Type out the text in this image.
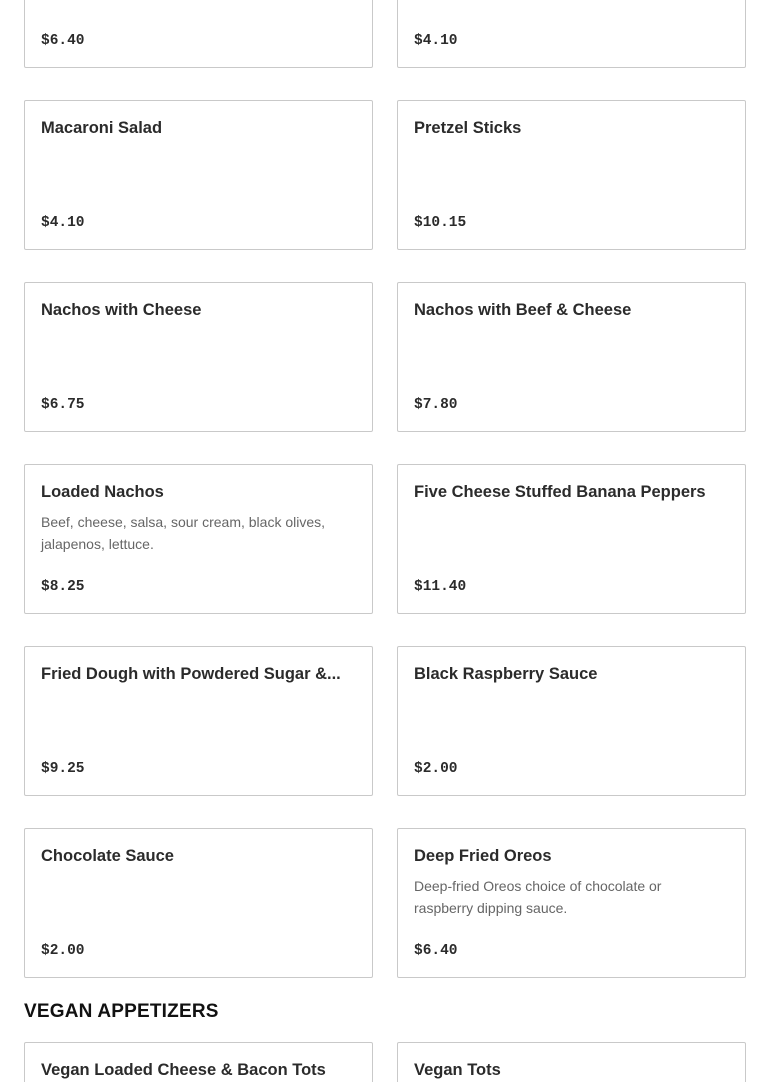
$6.40	$4.10
Macaroni Salad
$4.10
Pretzel Sticks
$10.15
Nachos with Cheese
$6.75
Nachos with Beef & Cheese
$7.80
Loaded Nachos
Beef, cheese, salsa, sour cream, black olives, jalapenos, lettuce.
$8.25
Five Cheese Stuffed Banana Peppers
$11.40
Fried Dough with Powdered Sugar &...
$9.25
Black Raspberry Sauce
$2.00
Chocolate Sauce
$2.00
Deep Fried Oreos
Deep-fried Oreos choice of chocolate or raspberry dipping sauce.
$6.40
VEGAN APPETIZERS
Vegan Loaded Cheese & Bacon Tots	Vegan Tots
